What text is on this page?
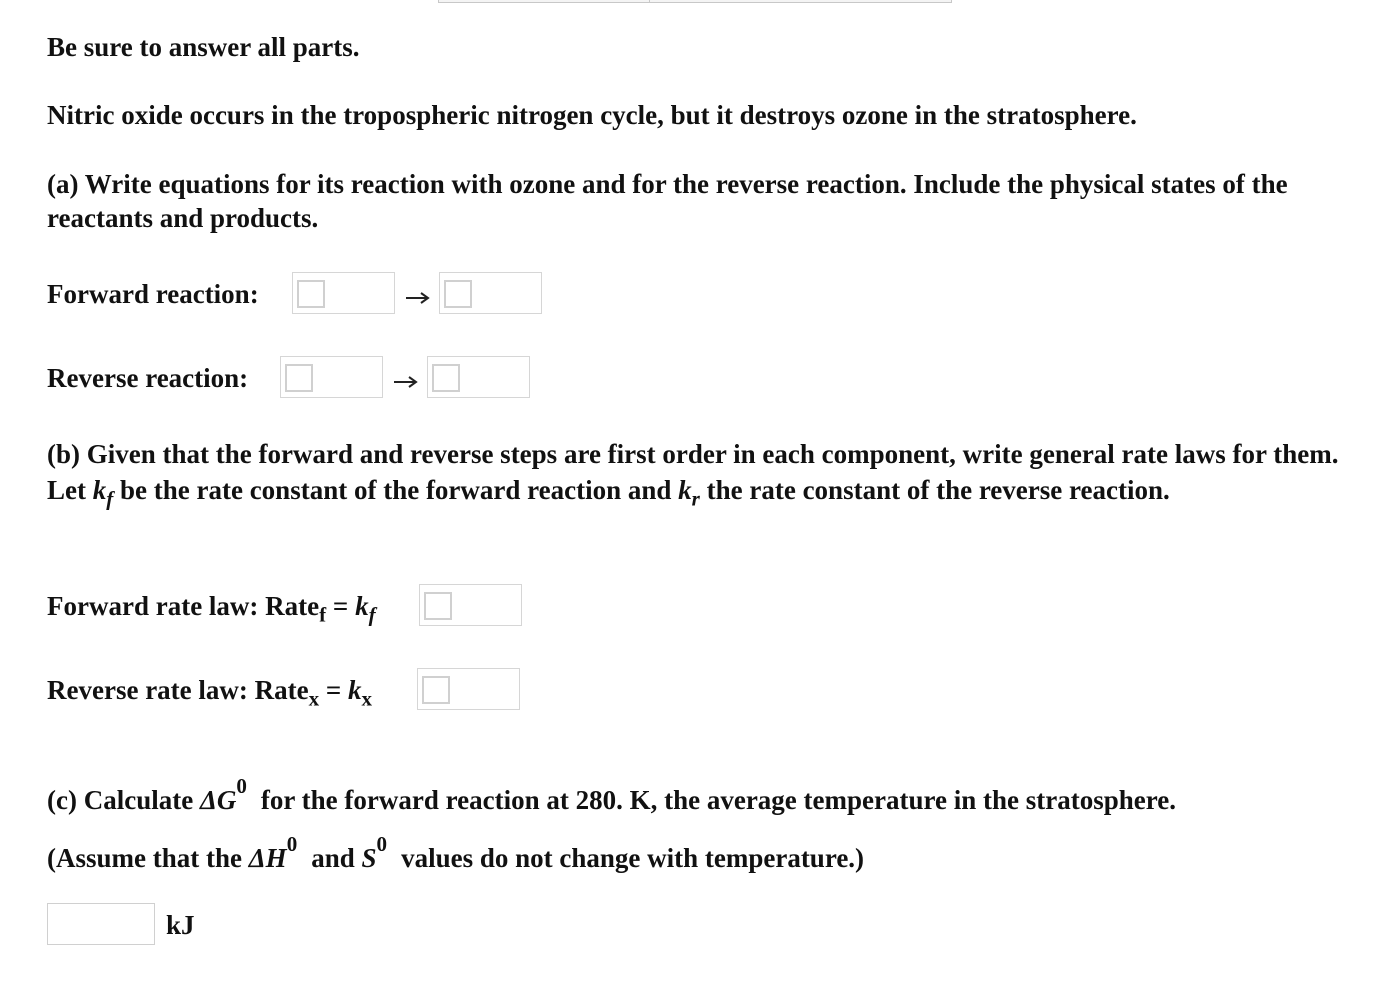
Be sure to answer all parts.
Nitric oxide occurs in the tropospheric nitrogen cycle, but it destroys ozone in the stratosphere.
(a) Write equations for its reaction with ozone and for the reverse reaction. Include the physical states of the reactants and products.
Forward reaction:
Reverse reaction:
(b) Given that the forward and reverse steps are first order in each component, write general rate laws for them. Let $k_f$ be the rate constant of the forward reaction and $k_r$ the rate constant of the reverse reaction.
Forward rate law: Rate$_f$ = $k_f$
Reverse rate law: Rate$_x$ = $k_x$
(c) Calculate $\Delta G^0$ for the forward reaction at 280. K, the average temperature in the stratosphere.
(Assume that the $\Delta H^0$ and $S^0$ values do not change with temperature.)
kJ
